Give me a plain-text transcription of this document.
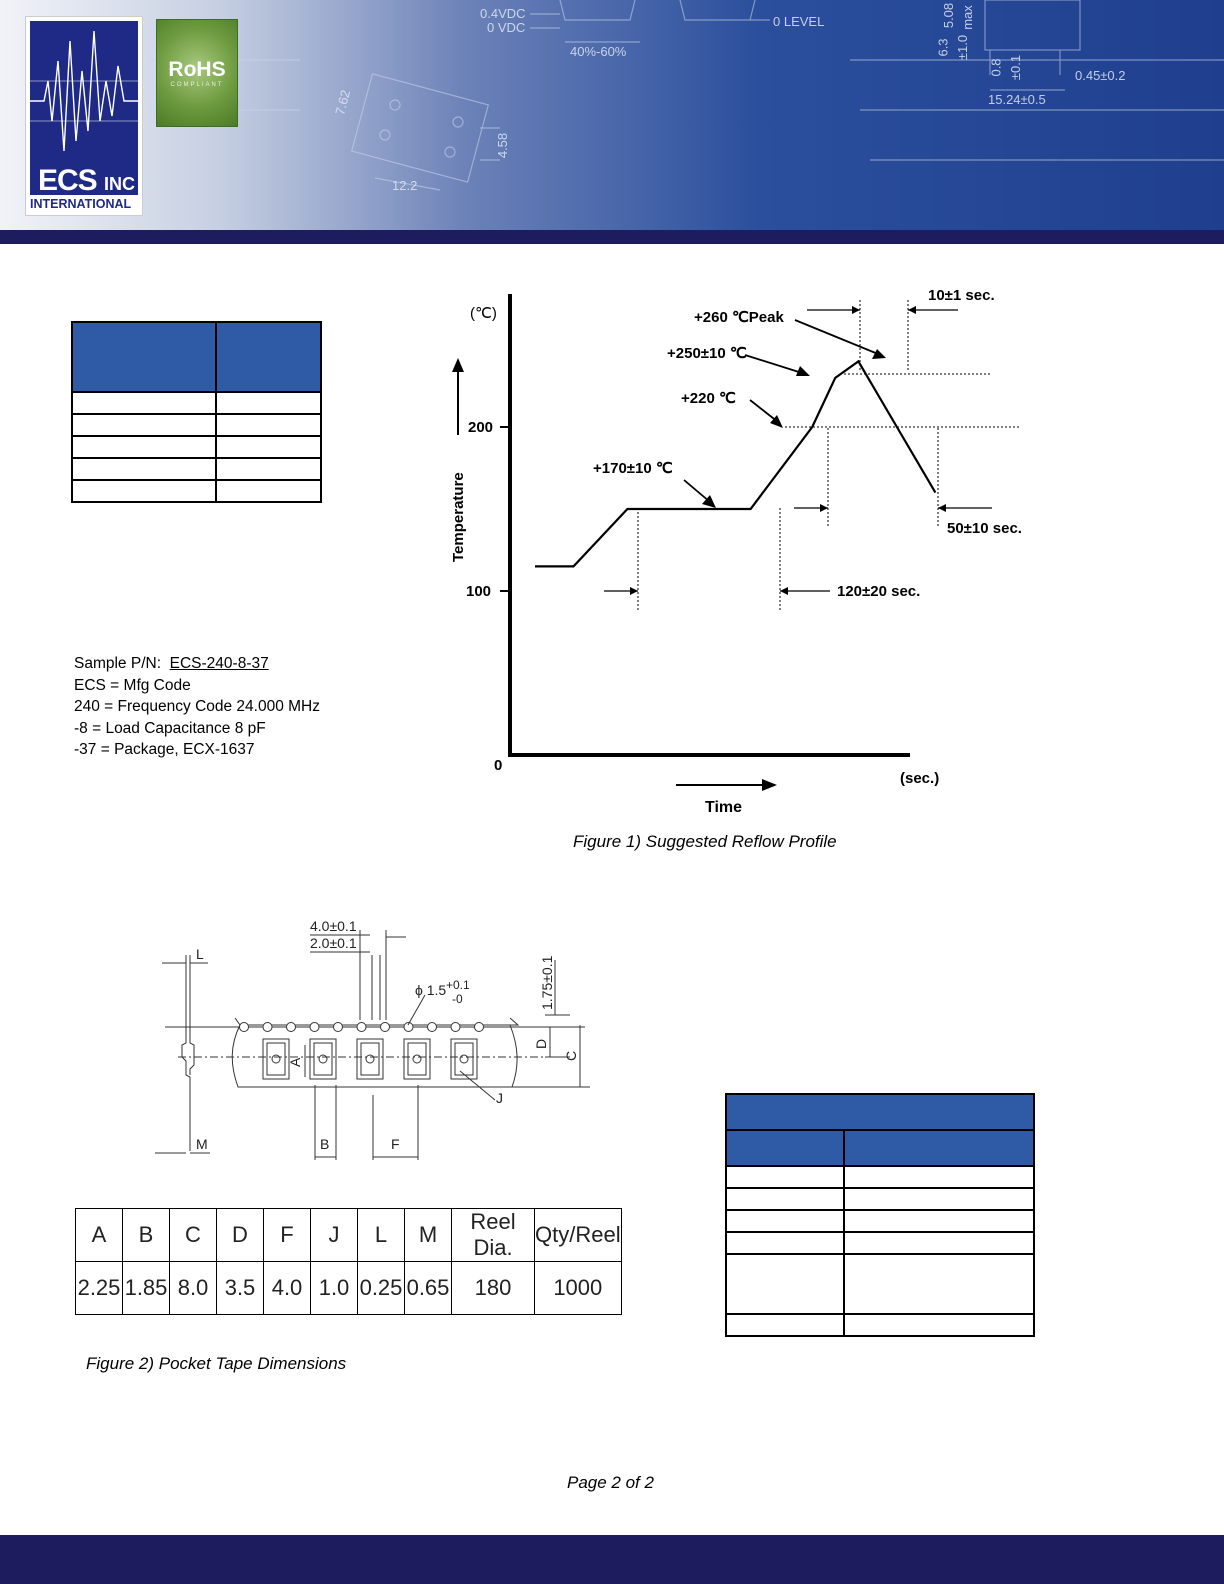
0.4VDC
0 VDC	0 LEVEL
40%-60%
7.62
4.58
12.2
15.24±0.5
0.45±0.2
5.08 max
6.3 ±1.0
0.8 ±0.1
ECS INC
INTERNATIONAL
RoHS
COMPLIANT

Sample P/N: ECS-240-8-37
ECS = Mfg Code
240 = Frequency Code 24.000 MHz
-8 = Load Capacitance 8 pF
-37 = Package, ECX-1637
0
100
200
(℃)
(sec.)
Temperature
Time
+260 ℃Peak
+250±10 ℃
+220 ℃
+170±10 ℃
10±1 sec.
50±10 sec.
120±20 sec.
Figure 1) Suggested Reflow Profile
L
M
4.0±0.1
2.0±0.1
ϕ 1.5 +0.1
-0	1.75±0.1
A
B	F
J
D
C
A	B	C	D	F	J	L	M	Reel Dia.	Qty/Reel
2.25	1.85	8.0	3.5	4.0	1.0	0.25	0.65	180	1000
Figure 2) Pocket Tape Dimensions

Page 2 of 2
